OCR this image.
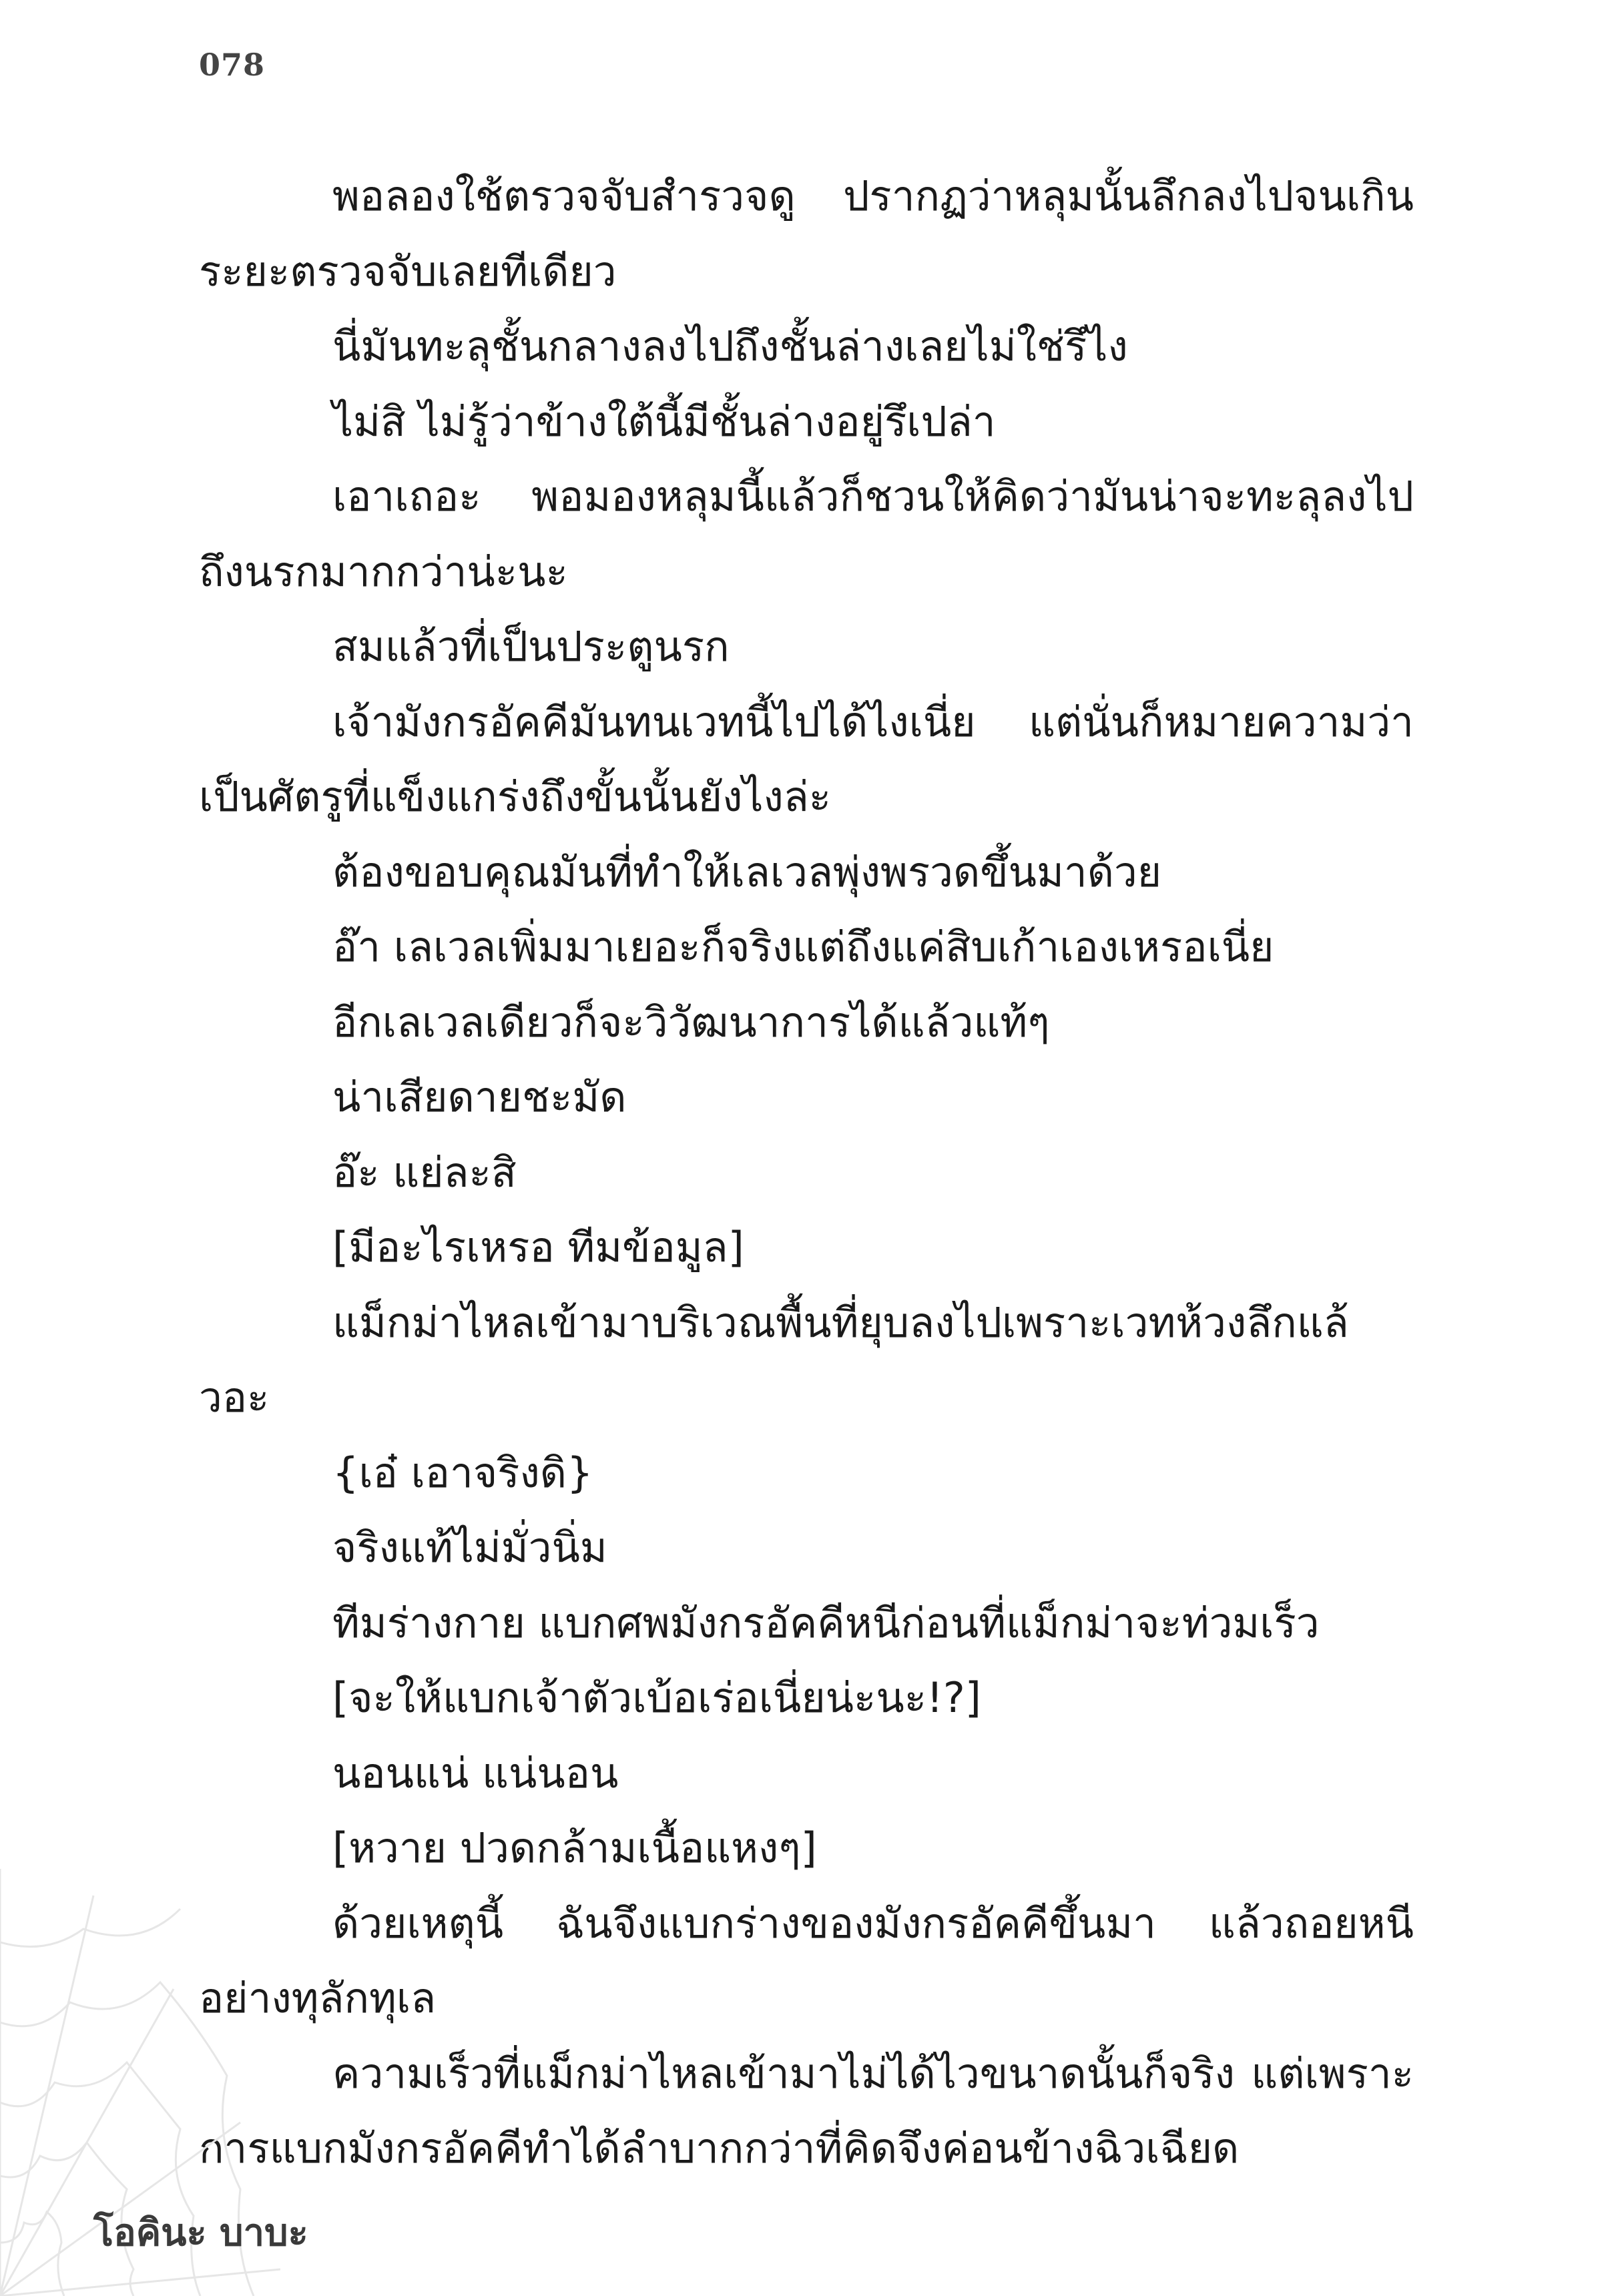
078

พอลองใช้ตรวจจับสำรวจดู ปรากฏว่าหลุมนั้นลึกลงไปจนเกินระยะตรวจจับเลยทีเดียว

นี่มันทะลุชั้นกลางลงไปถึงชั้นล่างเลยไม่ใช่รึไง

ไม่สิ ไม่รู้ว่าข้างใต้นี้มีชั้นล่างอยู่รึเปล่า

เอาเถอะ พอมองหลุมนี้แล้วก็ชวนให้คิดว่ามันน่าจะทะลุลงไปถึงนรกมากกว่าน่ะนะ

สมแล้วที่เป็นประตูนรก

เจ้ามังกรอัคคีมันทนเวทนี้ไปได้ไงเนี่ย แต่นั่นก็หมายความว่าเป็นศัตรูที่แข็งแกร่งถึงขั้นนั้นยังไงล่ะ

ต้องขอบคุณมันที่ทำให้เลเวลพุ่งพรวดขึ้นมาด้วย

อ๊า เลเวลเพิ่มมาเยอะก็จริงแต่ถึงแค่สิบเก้าเองเหรอเนี่ย

อีกเลเวลเดียวก็จะวิวัฒนาการได้แล้วแท้ๆ

น่าเสียดายชะมัด

อ๊ะ แย่ละสิ

[มีอะไรเหรอ ทีมข้อมูล]

แม็กม่าไหลเข้ามาบริเวณพื้นที่ยุบลงไปเพราะเวทห้วงลึกแล้วอะ

{เอ๋ เอาจริงดิ}

จริงแท้ไม่มั่วนิ่ม

ทีมร่างกาย แบกศพมังกรอัคคีหนีก่อนที่แม็กม่าจะท่วมเร็ว

[จะให้แบกเจ้าตัวเบ้อเร่อเนี่ยน่ะนะ!?]

นอนแน่ แน่นอน

[หวาย ปวดกล้ามเนื้อแหงๆ]

ด้วยเหตุนี้ ฉันจึงแบกร่างของมังกรอัคคีขึ้นมา แล้วถอยหนีอย่างทุลักทุเล

ความเร็วที่แม็กม่าไหลเข้ามาไม่ได้ไวขนาดนั้นก็จริง แต่เพราะการแบกมังกรอัคคีทำได้ลำบากกว่าที่คิดจึงค่อนข้างฉิวเฉียด

โอคินะ บาบะ
